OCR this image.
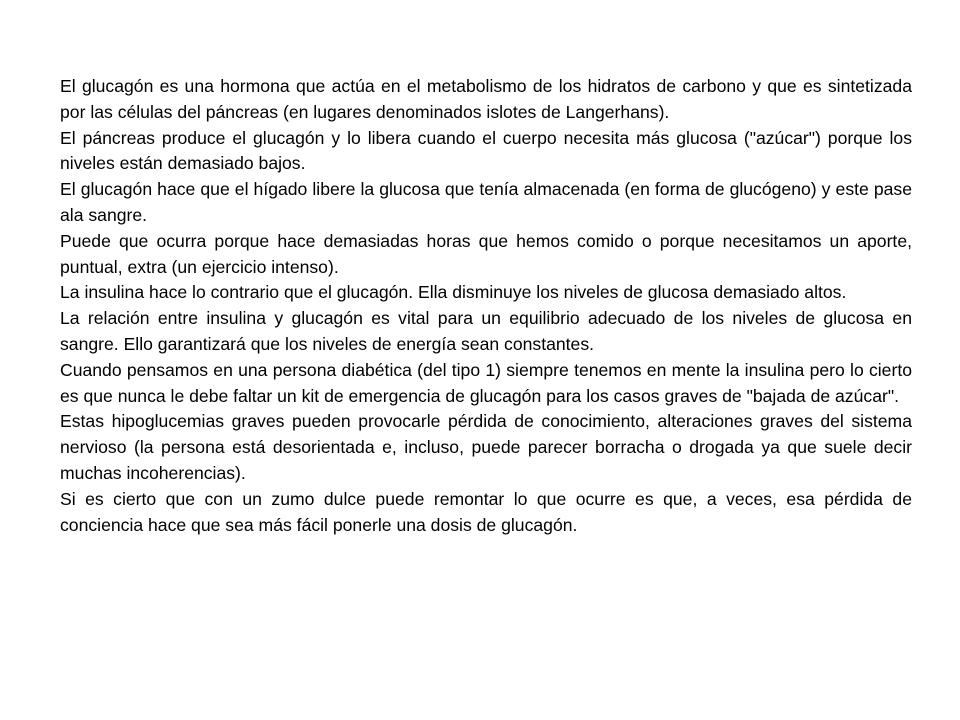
El glucagón es una hormona que actúa en el metabolismo de los hidratos de carbono y que es sintetizada por las células del páncreas (en lugares denominados islotes de Langerhans).

El páncreas produce el glucagón y lo libera cuando el cuerpo necesita más glucosa ("azúcar") porque los niveles están demasiado bajos.

El glucagón hace que el hígado libere la glucosa que tenía almacenada (en forma de glucógeno) y este pase ala sangre.

Puede que ocurra porque hace demasiadas horas que hemos comido o porque necesitamos un aporte, puntual, extra (un ejercicio intenso).

La insulina hace lo contrario que el glucagón. Ella disminuye los niveles de glucosa demasiado altos.

La relación entre insulina y glucagón es vital para un equilibrio adecuado de los niveles de glucosa en sangre. Ello garantizará que los niveles de energía sean constantes.

Cuando pensamos en una persona diabética (del tipo 1) siempre tenemos en mente la insulina pero lo cierto es que nunca le debe faltar un kit de emergencia de glucagón para los casos graves de "bajada de azúcar".

Estas hipoglucemias graves pueden provocarle pérdida de conocimiento, alteraciones graves del sistema nervioso (la persona está desorientada e, incluso, puede parecer borracha o drogada ya que suele decir muchas incoherencias).

Si es cierto que con un zumo dulce puede remontar lo que ocurre es que, a veces, esa pérdida de conciencia hace que sea más fácil ponerle una dosis de glucagón.
